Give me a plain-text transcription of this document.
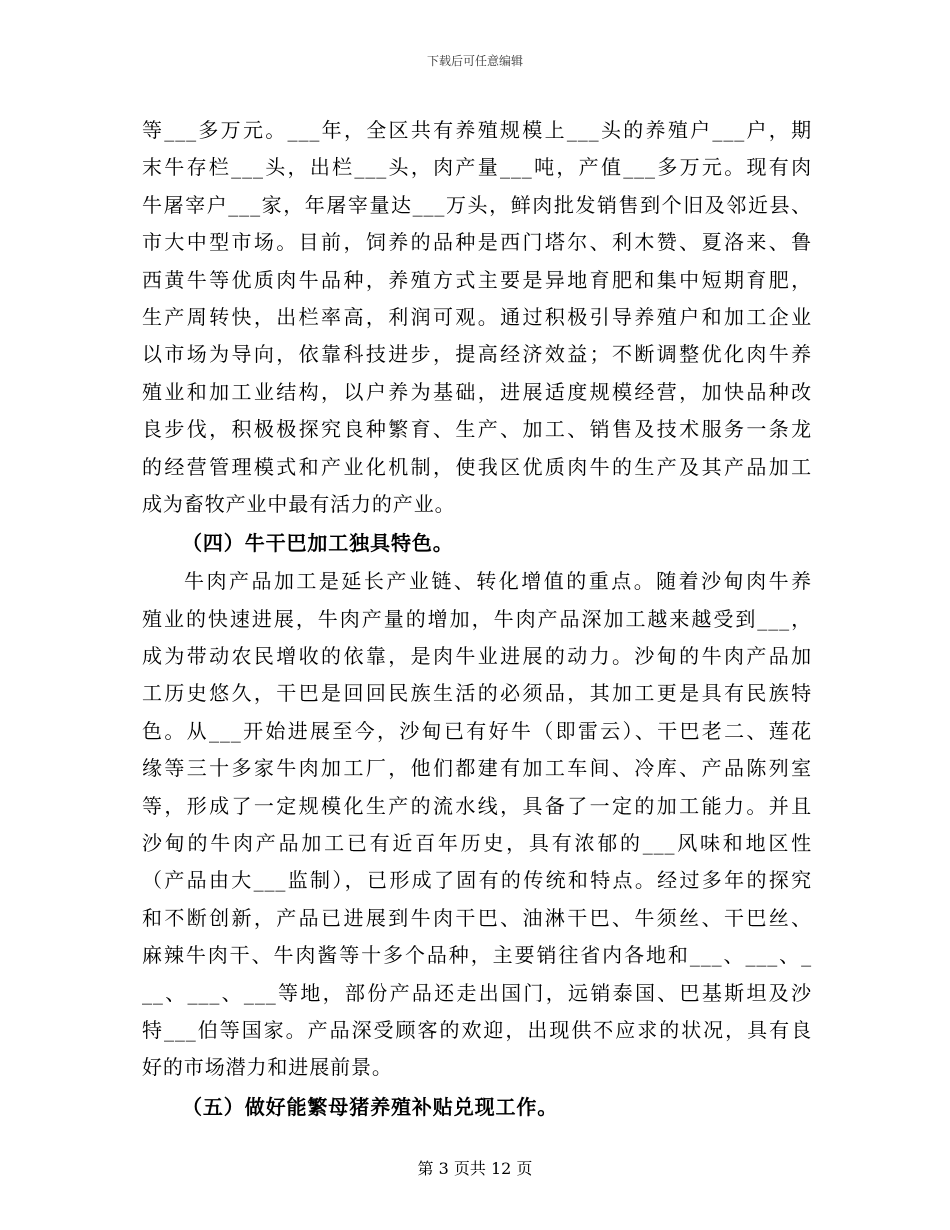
下载后可任意编辑
等___多万元。___年，全区共有养殖规模上___头的养殖户___户，期
末牛存栏___头，出栏___头，肉产量___吨，产值___多万元。现有肉
牛屠宰户___家，年屠宰量达___万头，鲜肉批发销售到个旧及邻近县、
市大中型市场。目前，饲养的品种是西门塔尔、利木赞、夏洛来、鲁
西黄牛等优质肉牛品种，养殖方式主要是异地育肥和集中短期育肥，
生产周转快，出栏率高，利润可观。通过积极引导养殖户和加工企业
以市场为导向，依靠科技进步，提高经济效益；不断调整优化肉牛养
殖业和加工业结构，以户养为基础，进展适度规模经营，加快品种改
良步伐，积极极探究良种繁育、生产、加工、销售及技术服务一条龙
的经营管理模式和产业化机制，使我区优质肉牛的生产及其产品加工
成为畜牧产业中最有活力的产业。
（四）牛干巴加工独具特色。
牛肉产品加工是延长产业链、转化增值的重点。随着沙甸肉牛养
殖业的快速进展，牛肉产量的增加，牛肉产品深加工越来越受到___，
成为带动农民增收的依靠，是肉牛业进展的动力。沙甸的牛肉产品加
工历史悠久，干巴是回回民族生活的必须品，其加工更是具有民族特
色。从___开始进展至今，沙甸已有好牛（即雷云）、干巴老二、莲花
缘等三十多家牛肉加工厂，他们都建有加工车间、冷库、产品陈列室
等，形成了一定规模化生产的流水线，具备了一定的加工能力。并且
沙甸的牛肉产品加工已有近百年历史，具有浓郁的___风味和地区性
（产品由大___监制），已形成了固有的传统和特点。经过多年的探究
和不断创新，产品已进展到牛肉干巴、油淋干巴、牛须丝、干巴丝、
麻辣牛肉干、牛肉酱等十多个品种，主要销往省内各地和___、___、_
__、___、___等地，部份产品还走出国门，远销泰国、巴基斯坦及沙
特___伯等国家。产品深受顾客的欢迎，出现供不应求的状况，具有良
好的市场潜力和进展前景。
（五）做好能繁母猪养殖补贴兑现工作。
第 3 页共 12 页
